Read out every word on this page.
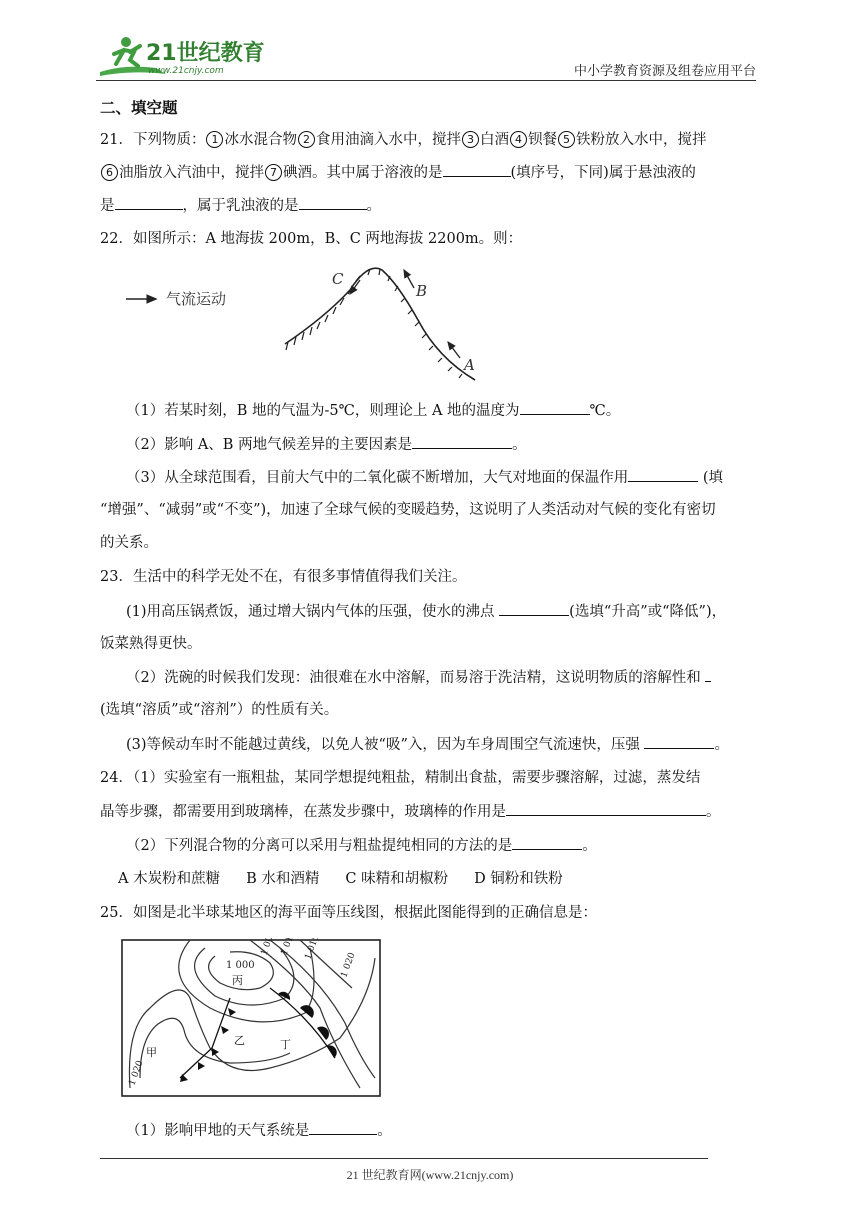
21世纪教育
www.21cnjy.com	中小学教育资源及组卷应用平台
二、填空题
21．下列物质： 1 冰水混合物 2 食用油滴入水中，搅拌 3 白酒 4 钡餐 5 铁粉放入水中，搅拌
6 油脂放入汽油中，搅拌 7 碘酒。其中属于溶液的是	(填序号，下同)属于悬浊液的
是	，属于乳浊液的是	。
22．如图所示：A 地海拔 200m，B、C 两地海拔 2200m。则：
气流运动
A
B
C
（1）若某时刻，B 地的气温为-5℃，则理论上 A 地的温度为	℃。
（2）影响 A、B 两地气候差异的主要因素是	。
（3）从全球范围看，目前大气中的二氧化碳不断增加，大气对地面的保温作用	(填
“增强”、“减弱”或“不变”)，加速了全球气候的变暖趋势，这说明了人类活动对气候的变化有密切
的关系。
23．生活中的科学无处不在，有很多事情值得我们关注。
(1)用高压锅煮饭，通过增大锅内气体的压强，使水的沸点	(选填“升高”或“降低”)，
饭菜熟得更快。
（2）洗碗的时候我们发现：油很难在水中溶解，而易溶于洗洁精，这说明物质的溶解性和
(选填“溶质”或“溶剂”）的性质有关。
(3)等候动车时不能越过黄线，以免人被“吸”入，因为车身周围空气流速快，压强	。
24．（1）实验室有一瓶粗盐，某同学想提纯粗盐，精制出食盐，需要步骤溶解，过滤，蒸发结
晶等步骤，都需要用到玻璃棒，在蒸发步骤中，玻璃棒的作用是	。
（2）下列混合物的分离可以采用与粗盐提纯相同的方法的是	。
A 木炭粉和蔗糖 B 水和酒精 C 味精和胡椒粉 D 铜粉和铁粉
25．如图是北半球某地区的海平面等压线图，根据此图能得到的正确信息是：
1 000
1 005 1 010 1 015
1 020
1 020
甲
乙
丙
丁
（1）影响甲地的天气系统是	。
21 世纪教育网(www.21cnjy.com)
